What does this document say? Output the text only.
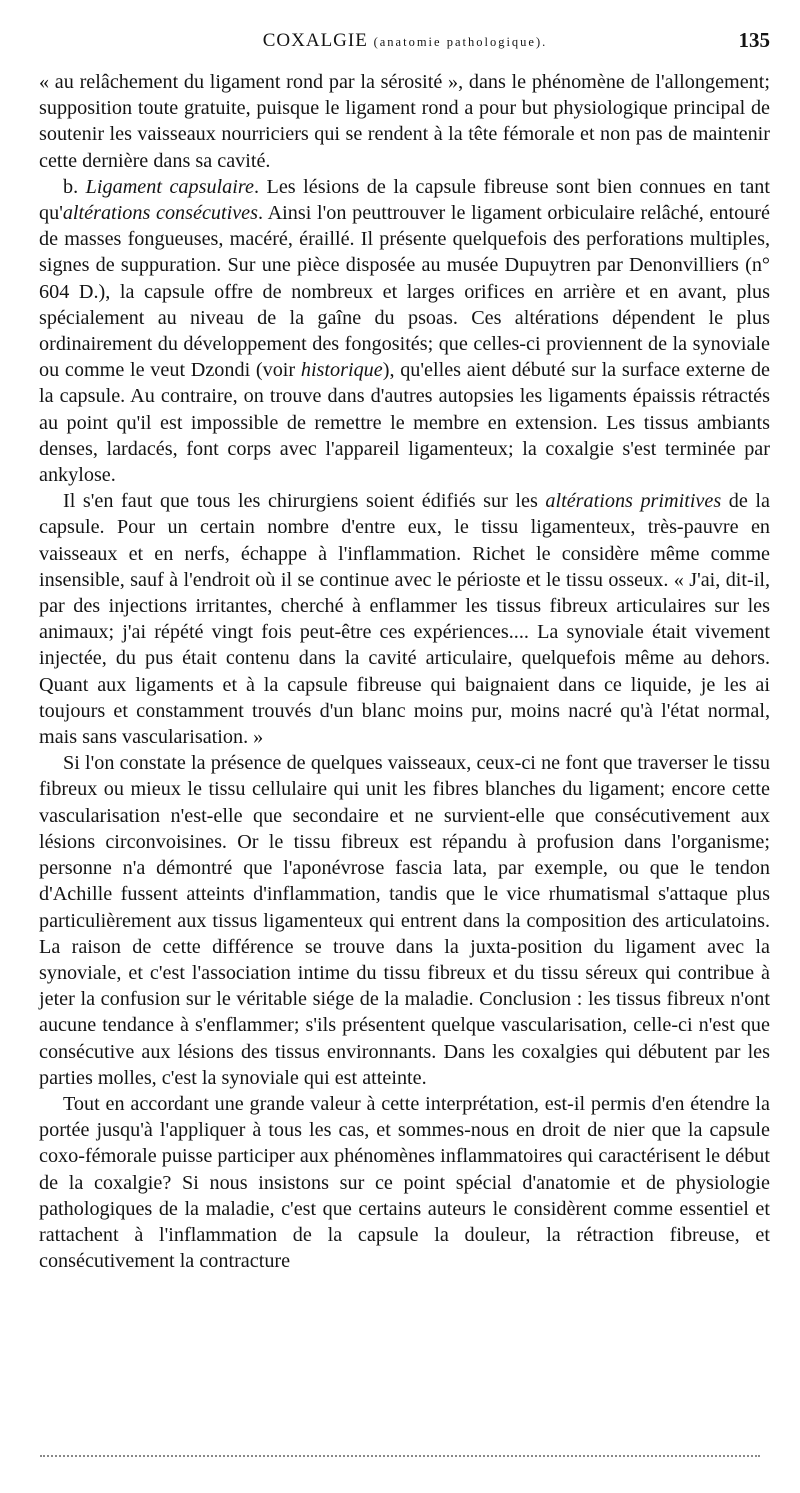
COXALGIE (anatomie pathologique).	135

« au relâchement du ligament rond par la sérosité », dans le phénomène de l'allongement; supposition toute gratuite, puisque le ligament rond a pour but physiologique principal de soutenir les vaisseaux nourriciers qui se rendent à la tête fémorale et non pas de maintenir cette dernière dans sa cavité.

b. Ligament capsulaire. Les lésions de la capsule fibreuse sont bien connues en tant qu'altérations consécutives. Ainsi l'on peuttrouver le ligament orbiculaire relâché, entouré de masses fongueuses, macéré, éraillé. Il présente quelquefois des perforations multiples, signes de suppuration. Sur une pièce disposée au musée Dupuytren par Denonvilliers (n° 604 D.), la capsule offre de nombreux et larges orifices en arrière et en avant, plus spécialement au niveau de la gaîne du psoas. Ces altérations dépendent le plus ordinairement du développement des fongosités; que celles-ci proviennent de la synoviale ou comme le veut Dzondi (voir historique), qu'elles aient débuté sur la surface externe de la capsule. Au contraire, on trouve dans d'autres autopsies les ligaments épaissis rétractés au point qu'il est impossible de remettre le membre en extension. Les tissus ambiants denses, lardacés, font corps avec l'appareil ligamenteux; la coxalgie s'est terminée par ankylose.

Il s'en faut que tous les chirurgiens soient édifiés sur les altérations primitives de la capsule. Pour un certain nombre d'entre eux, le tissu ligamenteux, très-pauvre en vaisseaux et en nerfs, échappe à l'inflammation. Richet le considère même comme insensible, sauf à l'endroit où il se continue avec le périoste et le tissu osseux. « J'ai, dit-il, par des injections irritantes, cherché à enflammer les tissus fibreux articulaires sur les animaux; j'ai répété vingt fois peut-être ces expériences.... La synoviale était vivement injectée, du pus était contenu dans la cavité articulaire, quelquefois même au dehors. Quant aux ligaments et à la capsule fibreuse qui baignaient dans ce liquide, je les ai toujours et constamment trouvés d'un blanc moins pur, moins nacré qu'à l'état normal, mais sans vascularisation. »

Si l'on constate la présence de quelques vaisseaux, ceux-ci ne font que traverser le tissu fibreux ou mieux le tissu cellulaire qui unit les fibres blanches du ligament; encore cette vascularisation n'est-elle que secondaire et ne survient-elle que consécutivement aux lésions circonvoisines. Or le tissu fibreux est répandu à profusion dans l'organisme; personne n'a démontré que l'aponévrose fascia lata, par exemple, ou que le tendon d'Achille fussent atteints d'inflammation, tandis que le vice rhumatismal s'attaque plus particulièrement aux tissus ligamenteux qui entrent dans la composition des articulatoins. La raison de cette différence se trouve dans la juxta-position du ligament avec la synoviale, et c'est l'association intime du tissu fibreux et du tissu séreux qui contribue à jeter la confusion sur le véritable siége de la maladie. Conclusion : les tissus fibreux n'ont aucune tendance à s'enflammer; s'ils présentent quelque vascularisation, celle-ci n'est que consécutive aux lésions des tissus environnants. Dans les coxalgies qui débutent par les parties molles, c'est la synoviale qui est atteinte.

Tout en accordant une grande valeur à cette interprétation, est-il permis d'en étendre la portée jusqu'à l'appliquer à tous les cas, et sommes-nous en droit de nier que la capsule coxo-fémorale puisse participer aux phénomènes inflammatoires qui caractérisent le début de la coxalgie? Si nous insistons sur ce point spécial d'anatomie et de physiologie pathologiques de la maladie, c'est que certains auteurs le considèrent comme essentiel et rattachent à l'inflammation de la capsule la douleur, la rétraction fibreuse, et consécutivement la contracture
